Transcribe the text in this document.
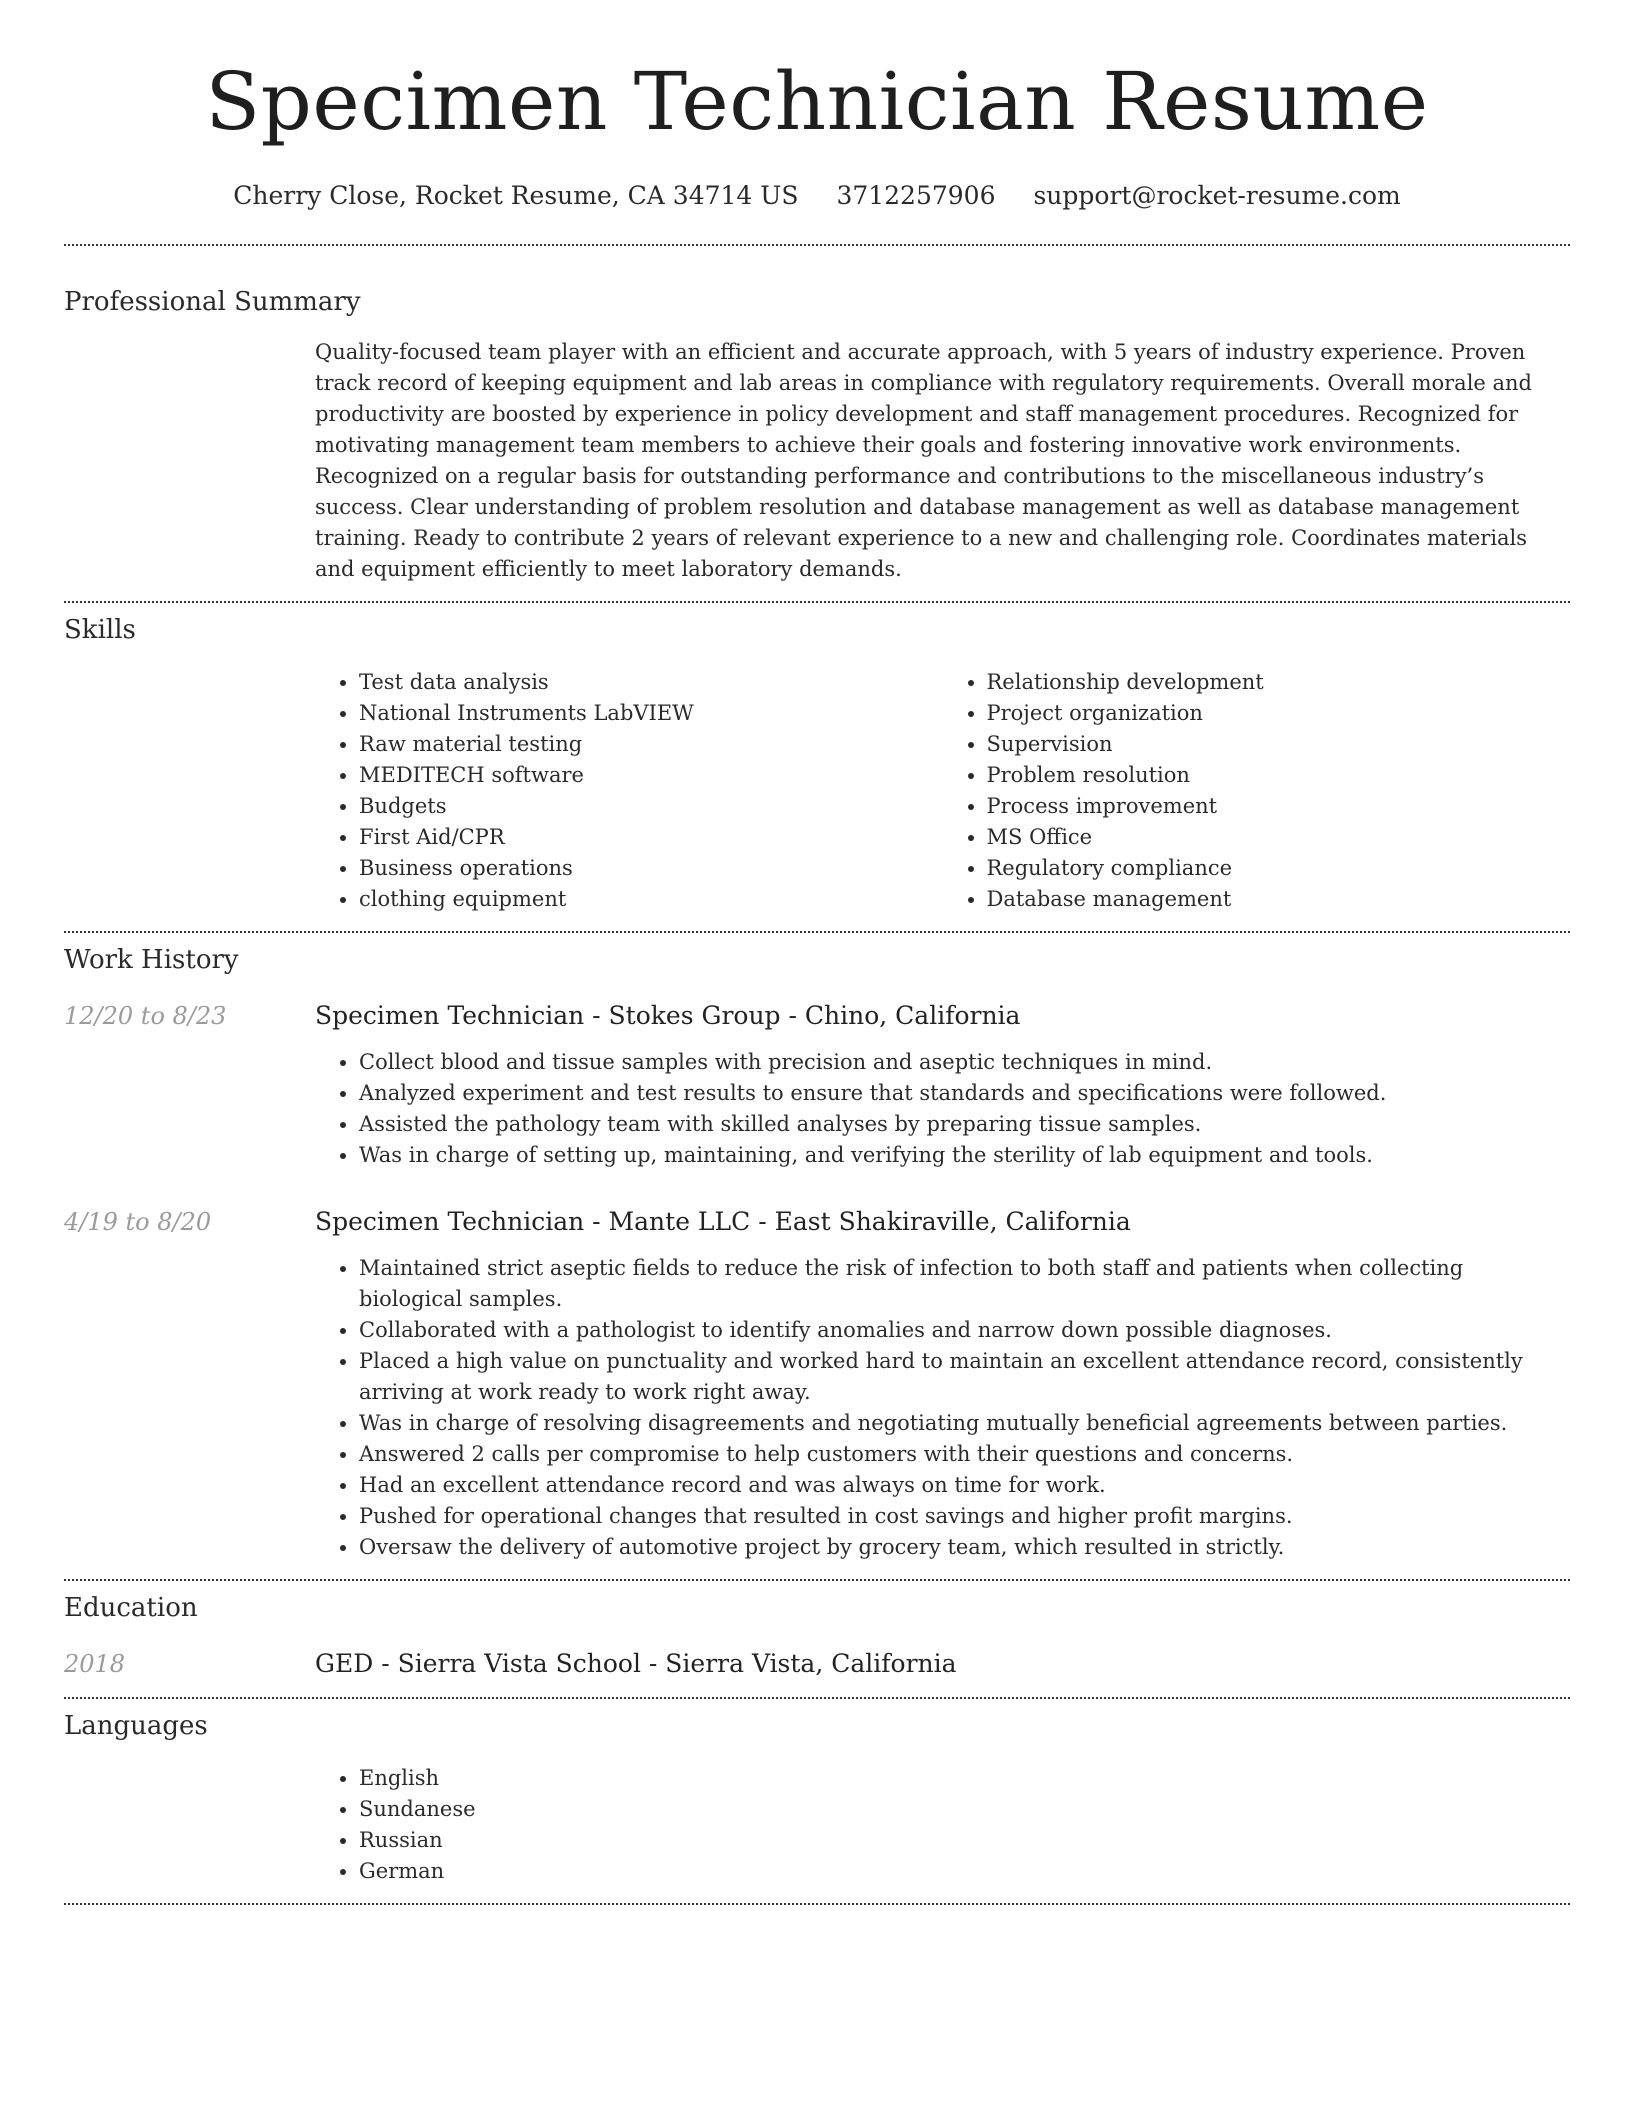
Specimen Technician Resume
Cherry Close, Rocket Resume, CA 34714 US 3712257906 support@rocket-resume.com
Professional Summary

Quality-focused team player with an efficient and accurate approach, with 5 years of industry experience. Proven track record of keeping equipment and lab areas in compliance with regulatory requirements. Overall morale and productivity are boosted by experience in policy development and staff management procedures. Recognized for motivating management team members to achieve their goals and fostering innovative work environments. Recognized on a regular basis for outstanding performance and contributions to the miscellaneous industry’s success. Clear understanding of problem resolution and database management as well as database management training. Ready to contribute 2 years of relevant experience to a new and challenging role. Coordinates materials and equipment efficiently to meet laboratory demands.

Skills
• Test data analysis
• National Instruments LabVIEW
• Raw material testing
• MEDITECH software
• Budgets
• First Aid/CPR
• Business operations
• clothing equipment
• Relationship development
• Project organization
• Supervision
• Problem resolution
• Process improvement
• MS Office
• Regulatory compliance
• Database management
Work History
12/20 to 8/23	Specimen Technician - Stokes Group - Chino, California
• Collect blood and tissue samples with precision and aseptic techniques in mind.
• Analyzed experiment and test results to ensure that standards and specifications were followed.
• Assisted the pathology team with skilled analyses by preparing tissue samples.
• Was in charge of setting up, maintaining, and verifying the sterility of lab equipment and tools.
4/19 to 8/20	Specimen Technician - Mante LLC - East Shakiraville, California
• Maintained strict aseptic fields to reduce the risk of infection to both staff and patients when collecting biological samples.
• Collaborated with a pathologist to identify anomalies and narrow down possible diagnoses.
• Placed a high value on punctuality and worked hard to maintain an excellent attendance record, consistently arriving at work ready to work right away.
• Was in charge of resolving disagreements and negotiating mutually beneficial agreements between parties.
• Answered 2 calls per compromise to help customers with their questions and concerns.
• Had an excellent attendance record and was always on time for work.
• Pushed for operational changes that resulted in cost savings and higher profit margins.
• Oversaw the delivery of automotive project by grocery team, which resulted in strictly.
Education
2018	GED - Sierra Vista School - Sierra Vista, California
Languages
• English
• Sundanese
• Russian
• German
